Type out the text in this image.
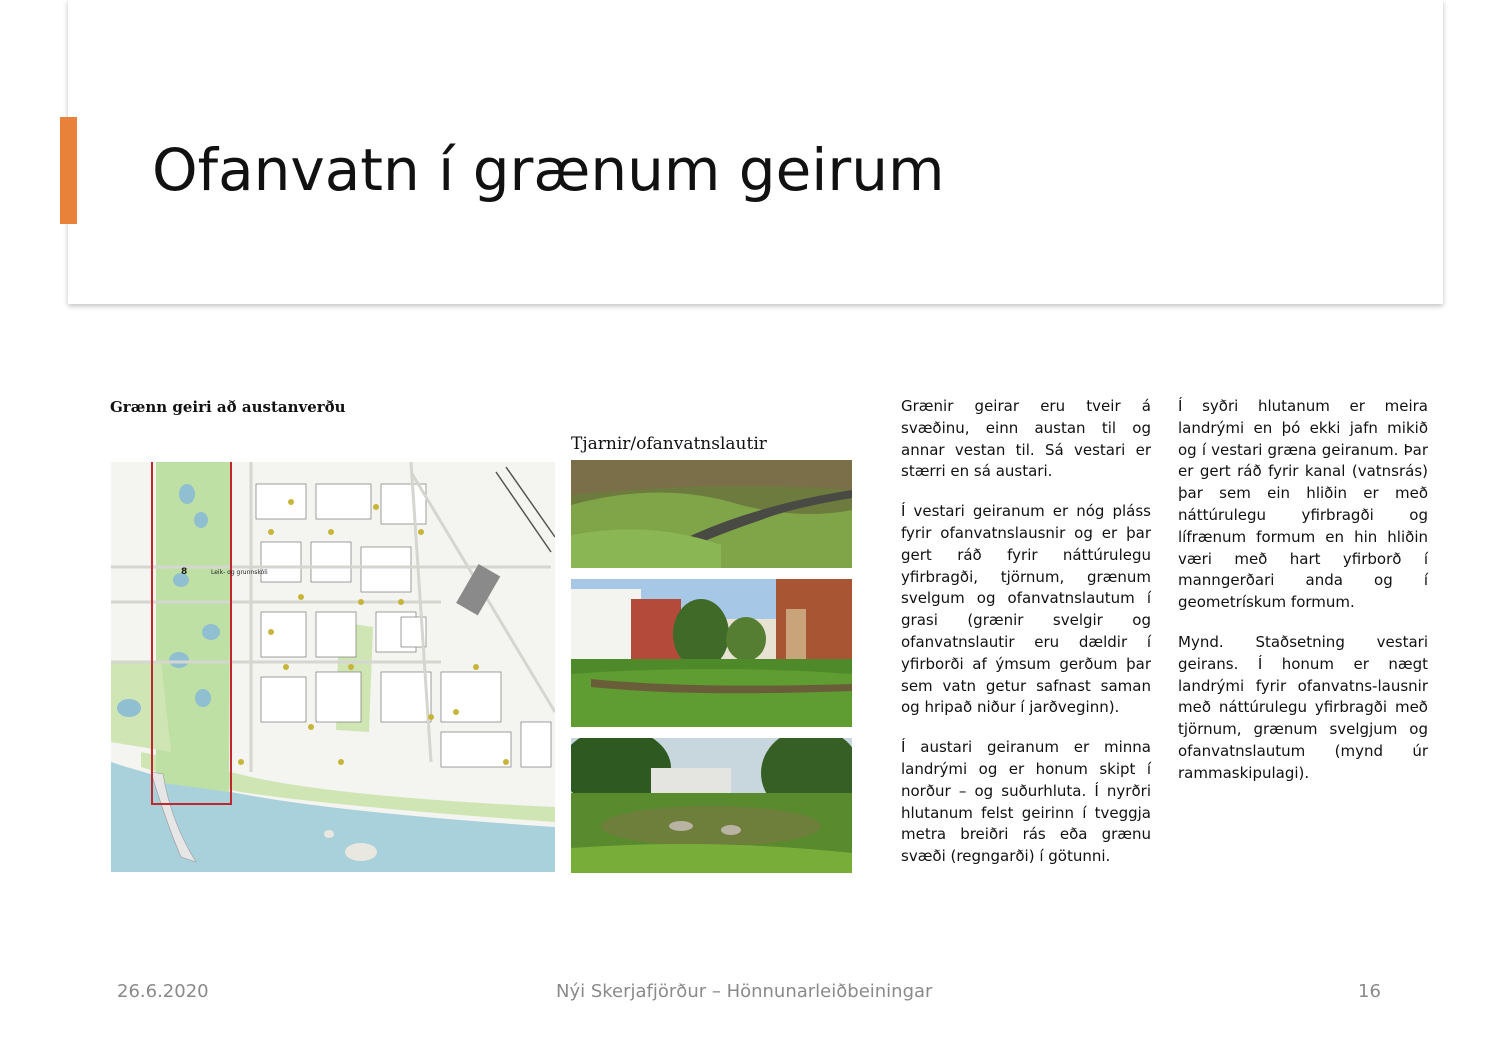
Ofanvatn í grænum geirum
Grænn geiri að austanverðu
Tjarnir/ofanvatnslautir
Leik- og grunnskóli
8

Grænir geirar eru tveir á svæðinu, einn austan til og annar vestan til. Sá vestari er stærri en sá austari.

Í vestari geiranum er nóg pláss fyrir ofanvatnslausnir og er þar gert ráð fyrir náttúrulegu yfirbragði, tjörnum, grænum svelgum og ofanvatnslautum í grasi (grænir svelgir og ofanvatnslautir eru dældir í yfirborði af ýmsum gerðum þar sem vatn getur safnast saman og hripað niður í jarðveginn).

Í austari geiranum er minna landrými og er honum skipt í norður – og suðurhluta. Í nyrðri hlutanum felst geirinn í tveggja metra breiðri rás eða grænu svæði (regngarði) í götunni.

Í syðri hlutanum er meira landrými en þó ekki jafn mikið og í vestari græna geiranum. Þar er gert ráð fyrir kanal (vatnsrás) þar sem ein hliðin er með náttúrulegu yfirbragði og lífrænum formum en hin hliðin væri með hart yfirborð í manngerðari anda og í geometrískum formum.

Mynd. Staðsetning vestari geirans. Í honum er nægt landrými fyrir ofanvatns-lausnir með náttúrulegu yfirbragði með tjörnum, grænum svelgjum og ofanvatnslautum (mynd úr rammaskipulagi).

26.6.2020	Nýi Skerjafjörður – Hönnunarleiðbeiningar	16
